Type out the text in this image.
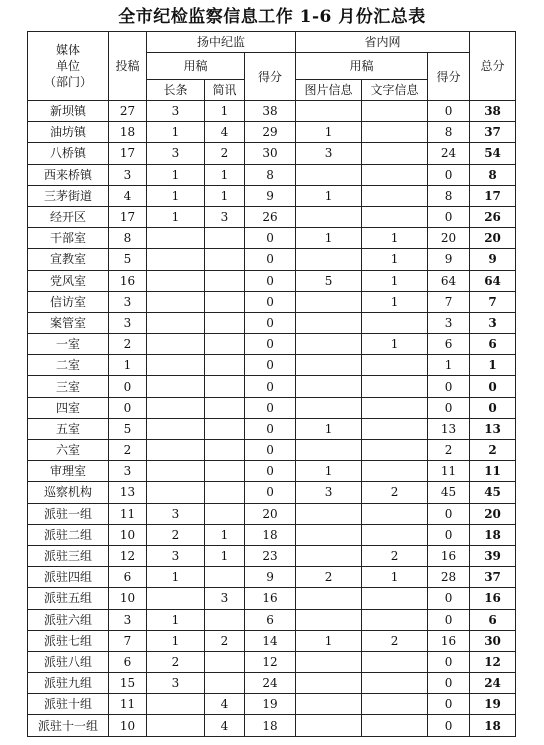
全市纪检监察信息工作 1-6 月份汇总表
媒体
单位
（部门）	投稿	扬中纪监			省内网			总分
		用稿		得分	用稿		得分	
		长条	简讯		图片信息	文字信息		
新坝镇	27	3	1	38			0	38
油坊镇	18	1	4	29	1		8	37
八桥镇	17	3	2	30	3		24	54
西来桥镇	3	1	1	8			0	8
三茅街道	4	1	1	9	1		8	17
经开区	17	1	3	26			0	26
干部室	8			0	1	1	20	20
宣教室	5			0		1	9	9
党风室	16			0	5	1	64	64
信访室	3			0		1	7	7
案管室	3			0			3	3
一室	2			0		1	6	6
二室	1			0			1	1
三室	0			0			0	0
四室	0			0			0	0
五室	5			0	1		13	13
六室	2			0			2	2
审理室	3			0	1		11	11
巡察机构	13			0	3	2	45	45
派驻一组	11	3		20			0	20
派驻二组	10	2	1	18			0	18
派驻三组	12	3	1	23		2	16	39
派驻四组	6	1		9	2	1	28	37
派驻五组	10		3	16			0	16
派驻六组	3	1		6			0	6
派驻七组	7	1	2	14	1	2	16	30
派驻八组	6	2		12			0	12
派驻九组	15	3		24			0	24
派驻十组	11		4	19			0	19
派驻十一组	10		4	18			0	18
